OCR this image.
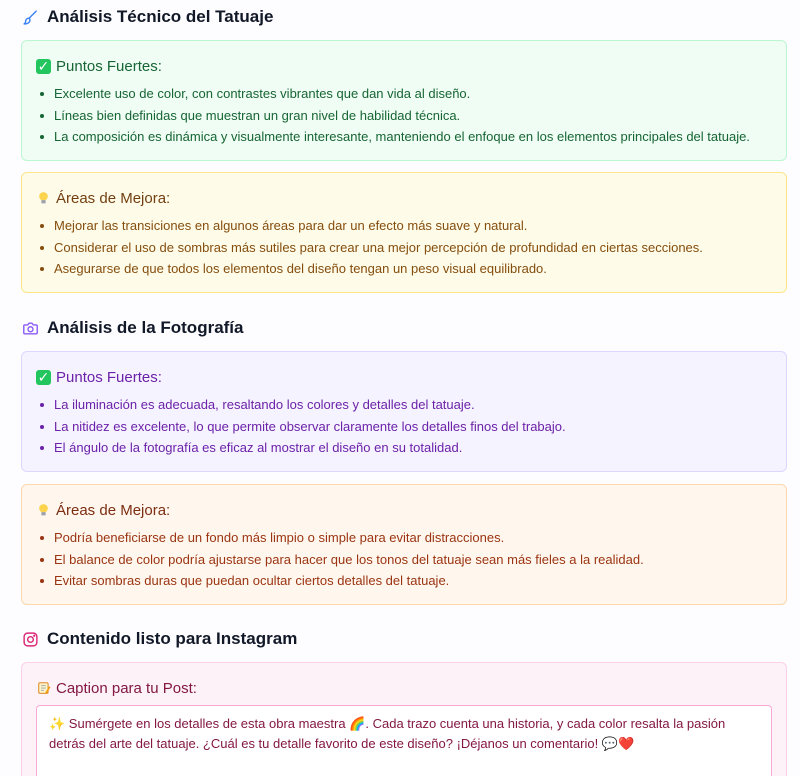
Análisis Técnico del Tatuaje
✓ Puntos Fuertes:
Excelente uso de color, con contrastes vibrantes que dan vida al diseño.
Líneas bien definidas que muestran un gran nivel de habilidad técnica.
La composición es dinámica y visualmente interesante, manteniendo el enfoque en los elementos principales del tatuaje.
Áreas de Mejora:
Mejorar las transiciones en algunos áreas para dar un efecto más suave y natural.
Considerar el uso de sombras más sutiles para crear una mejor percepción de profundidad en ciertas secciones.
Asegurarse de que todos los elementos del diseño tengan un peso visual equilibrado.
Análisis de la Fotografía
✓ Puntos Fuertes:
La iluminación es adecuada, resaltando los colores y detalles del tatuaje.
La nitidez es excelente, lo que permite observar claramente los detalles finos del trabajo.
El ángulo de la fotografía es eficaz al mostrar el diseño en su totalidad.
Áreas de Mejora:
Podría beneficiarse de un fondo más limpio o simple para evitar distracciones.
El balance de color podría ajustarse para hacer que los tonos del tatuaje sean más fieles a la realidad.
Evitar sombras duras que puedan ocultar ciertos detalles del tatuaje.
Contenido listo para Instagram
Caption para tu Post:
✨ Sumérgete en los detalles de esta obra maestra 🌈. Cada trazo cuenta una historia, y cada color resalta la pasión detrás del arte del tatuaje. ¿Cuál es tu detalle favorito de este diseño? ¡Déjanos un comentario! 💬❤️
